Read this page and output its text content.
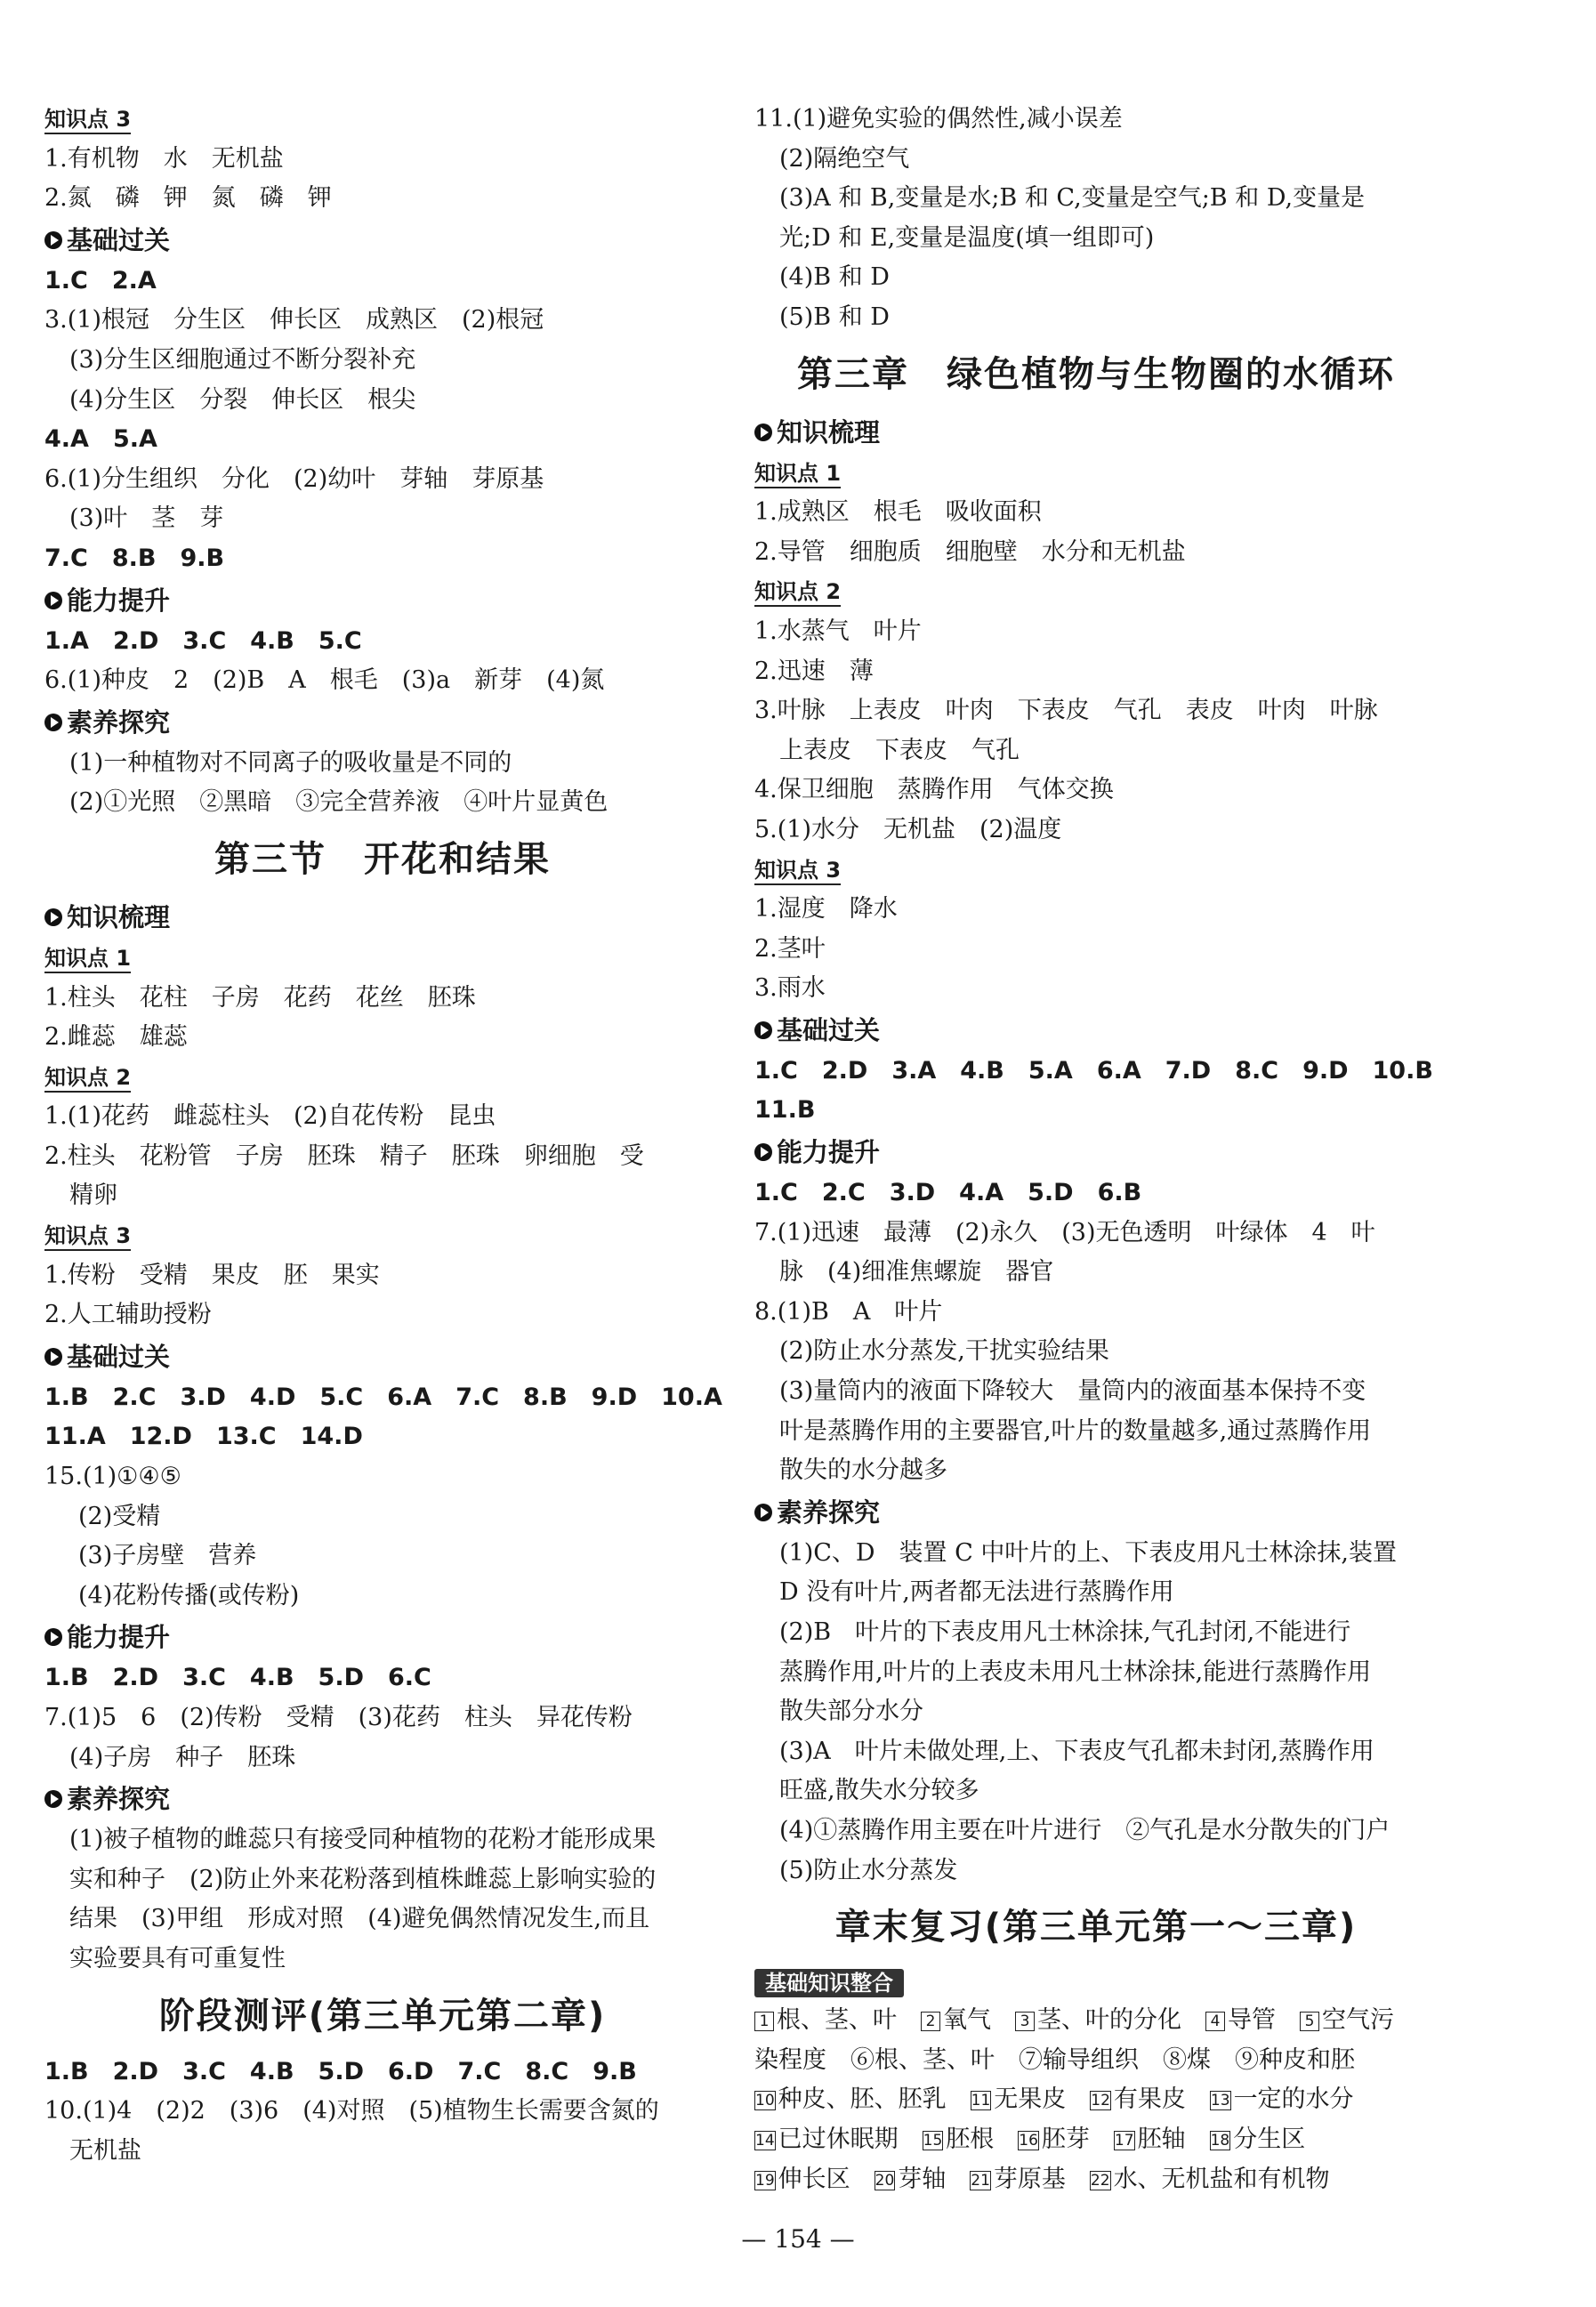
知识点 3
1.有机物　水　无机盐
2.氮　磷　钾　氮　磷　钾
基础过关
1.C　2.A
3.(1)根冠　分生区　伸长区　成熟区　(2)根冠
(3)分生区细胞通过不断分裂补充
(4)分生区　分裂　伸长区　根尖
4.A　5.A
6.(1)分生组织　分化　(2)幼叶　芽轴　芽原基
(3)叶　茎　芽
7.C　8.B　9.B
能力提升
1.A　2.D　3.C　4.B　5.C
6.(1)种皮　2　(2)B　A　根毛　(3)a　新芽　(4)氮
素养探究
(1)一种植物对不同离子的吸收量是不同的
(2)①光照　②黑暗　③完全营养液　④叶片显黄色
第三节　开花和结果
知识梳理
知识点 1
1.柱头　花柱　子房　花药　花丝　胚珠
2.雌蕊　雄蕊
知识点 2
1.(1)花药　雌蕊柱头　(2)自花传粉　昆虫
2.柱头　花粉管　子房　胚珠　精子　胚珠　卵细胞　受
精卵
知识点 3
1.传粉　受精　果皮　胚　果实
2.人工辅助授粉
基础过关
1.B　2.C　3.D　4.D　5.C　6.A　7.C　8.B　9.D　10.A
11.A　12.D　13.C　14.D
15.(1)①④⑤
(2)受精
(3)子房壁　营养
(4)花粉传播(或传粉)
能力提升
1.B　2.D　3.C　4.B　5.D　6.C
7.(1)5　6　(2)传粉　受精　(3)花药　柱头　异花传粉
(4)子房　种子　胚珠
素养探究
(1)被子植物的雌蕊只有接受同种植物的花粉才能形成果
实和种子　(2)防止外来花粉落到植株雌蕊上影响实验的
结果　(3)甲组　形成对照　(4)避免偶然情况发生,而且
实验要具有可重复性
阶段测评(第三单元第二章)
1.B　2.D　3.C　4.B　5.D　6.D　7.C　8.C　9.B
10.(1)4　(2)2　(3)6　(4)对照　(5)植物生长需要含氮的
无机盐
11.(1)避免实验的偶然性,减小误差
(2)隔绝空气
(3)A 和 B,变量是水;B 和 C,变量是空气;B 和 D,变量是
光;D 和 E,变量是温度(填一组即可)
(4)B 和 D
(5)B 和 D
第三章　绿色植物与生物圈的水循环
知识梳理
知识点 1
1.成熟区　根毛　吸收面积
2.导管　细胞质　细胞壁　水分和无机盐
知识点 2
1.水蒸气　叶片
2.迅速　薄
3.叶脉　上表皮　叶肉　下表皮　气孔　表皮　叶肉　叶脉
上表皮　下表皮　气孔
4.保卫细胞　蒸腾作用　气体交换
5.(1)水分　无机盐　(2)温度
知识点 3
1.湿度　降水
2.茎叶
3.雨水
基础过关
1.C　2.D　3.A　4.B　5.A　6.A　7.D　8.C　9.D　10.B
11.B
能力提升
1.C　2.C　3.D　4.A　5.D　6.B
7.(1)迅速　最薄　(2)永久　(3)无色透明　叶绿体　4　叶
脉　(4)细准焦螺旋　器官
8.(1)B　A　叶片
(2)防止水分蒸发,干扰实验结果
(3)量筒内的液面下降较大　量筒内的液面基本保持不变
叶是蒸腾作用的主要器官,叶片的数量越多,通过蒸腾作用
散失的水分越多
素养探究
(1)C、D　装置 C 中叶片的上、下表皮用凡士林涂抹,装置
D 没有叶片,两者都无法进行蒸腾作用
(2)B　叶片的下表皮用凡士林涂抹,气孔封闭,不能进行
蒸腾作用,叶片的上表皮未用凡士林涂抹,能进行蒸腾作用
散失部分水分
(3)A　叶片未做处理,上、下表皮气孔都未封闭,蒸腾作用
旺盛,散失水分较多
(4)①蒸腾作用主要在叶片进行　②气孔是水分散失的门户
(5)防止水分蒸发
章末复习(第三单元第一～三章)
基础知识整合
1 根、茎、叶　2 氧气　3 茎、叶的分化　4 导管　5 空气污
染程度　⑥根、茎、叶　⑦输导组织　⑧煤　⑨种皮和胚
10 种皮、胚、胚乳　11 无果皮　12 有果皮　13 一定的水分
14 已过休眠期　15 胚根　16 胚芽　17 胚轴　18 分生区
19 伸长区　20 芽轴　21 芽原基　22 水、无机盐和有机物
— 154 —
